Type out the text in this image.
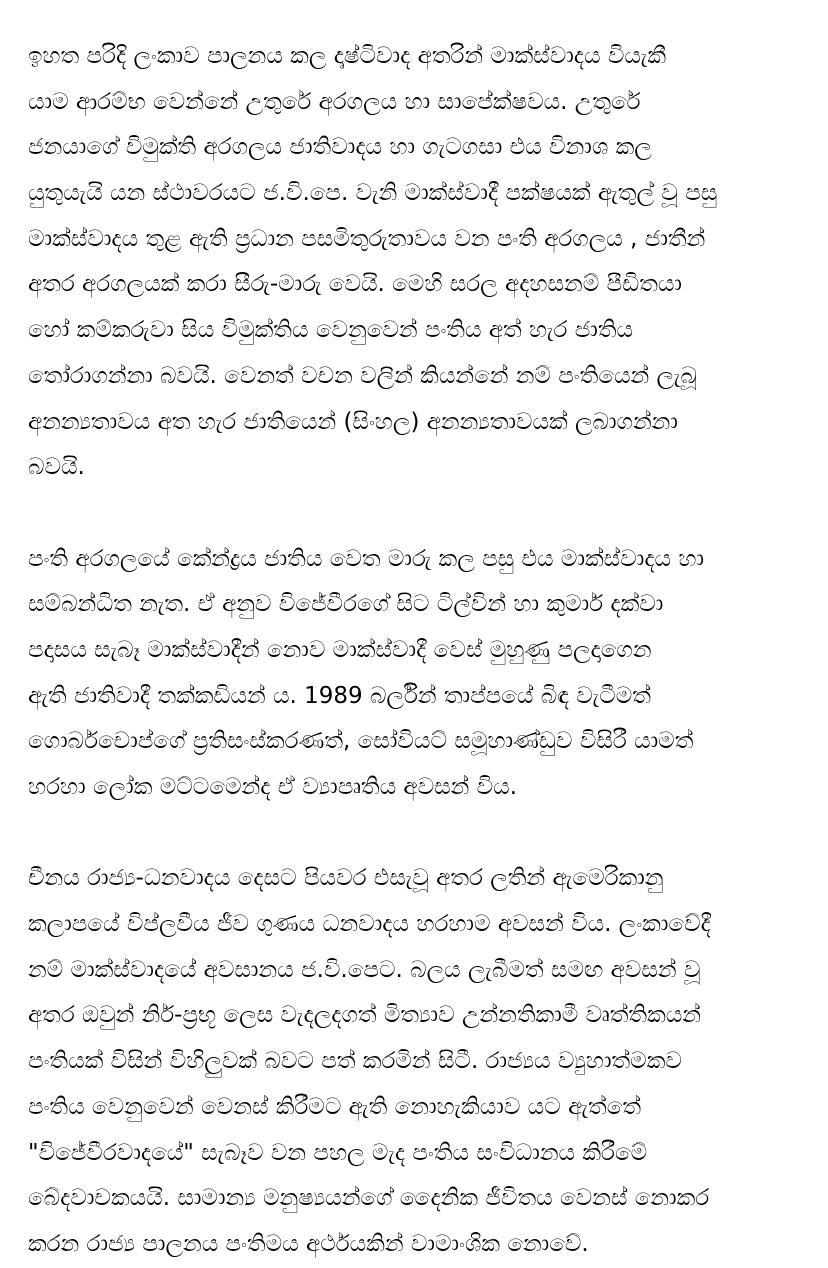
ඉහත පරිදි ලංකාව පාලනය කල දෘෂ්ටිවාද අතරින් මාක්ස්වාදය වියැකී
යාම ආරම්භ වෙන්නේ උතුරේ අරගලය හා සාපේක්ෂවය. උතුරේ
ජනයාගේ විමුක්ති අරගලය ජාතිවාදය හා ගැටගසා එය විනාශ කල
යුතුයැයි යන ස්ථාවරයට ජ.වි.පෙ. වැනි මාක්ස්වාදී පක්ෂයක් ඇතුල් වූ පසු
මාක්ස්වාදය තුළ ඇති ප්‍රධාන පසමිතුරුතාවය වන පංති අරගලය , ජාතීන්
අතර අරගලයක් කරා සීරු-මාරු වෙයි. මෙහි සරල අදහසනම් පීඩිතයා
හෝ කම්කරුවා සිය විමුක්තිය වෙනුවෙන් පංතිය අත් හැර ජාතිය
තෝරාගන්නා බවයි. වෙනත් වචන වලින් කියන්නේ නම් පංතියෙන් ලැබූ
අනන්‍යතාවය අත හැර ජාතියෙන් (සිංහල) අනන්‍යතාවයක් ලබාගන්නා
බවයි.
පංති අරගලයේ කේන්ද්‍රය ජාතිය වෙත මාරු කල පසු එය මාක්ස්වාදය හා
සම්බන්ධිත නැත. ඒ අනුව විජේවීරගේ සිට ටිල්වින් හා කුමාර් දක්වා
පදාසය සැබෑ මාක්ස්වාදීන් නොව මාක්ස්වාදී වෙස් මුහුණු පලදාගෙන
ඇති ජාතිවාදී තක්කඩියන් ය. 1989 බර්ලින් තාප්පයේ බිඳ වැටීමත්
ගොර්බචොප්ගේ ප්‍රතිසංස්කරණත්, සෝවියට් සමූහාණ්ඩුව විසිරී යාමත්
හරහා ලෝක මට්ටමෙන්ද ඒ ව්‍යාපෘතිය අවසන් විය.
චීනය රාජ්‍ය-ධනවාදය දෙසට පියවර එසැවූ අතර ලතින් ඇමෙරිකානු
කලාපයේ විප්ලවීය ජීව ගුණය ධනවාදය හරහාම අවසන් විය. ලංකාවේදී
නම් මාක්ස්වාදයේ අවසානය ජ.වි.පෙට. බලය ලැබීමත් සමඟ අවසන් වූ
අතර ඔවුන් නිර්-ප්‍රභූ ලෙස වැදලදගත් මිත්‍යාව උන්නතිකාමී වෘත්තිකයන්
පංතියක් විසින් විහිලුවක් බවට පත් කරමින් සිටී. රාජ්‍යය ව්‍යුහාත්මකව
පංතිය වෙනුවෙන් වෙනස් කිරීමට ඇති නොහැකියාව යට ඇත්තේ
"විජේවීරවාදයේ" සැබෑව වන පහල මැද පංතිය සංවිධානය කිරීමේ
බේදවාචකයයි. සාමාන්‍ය මනුෂ්‍යයන්ගේ දෛනික ජීවිතය වෙනස් නොකර
කරන රාජ්‍ය පාලනය පංතිමය අර්ථයකින් වාමාංශික නොවේ.
